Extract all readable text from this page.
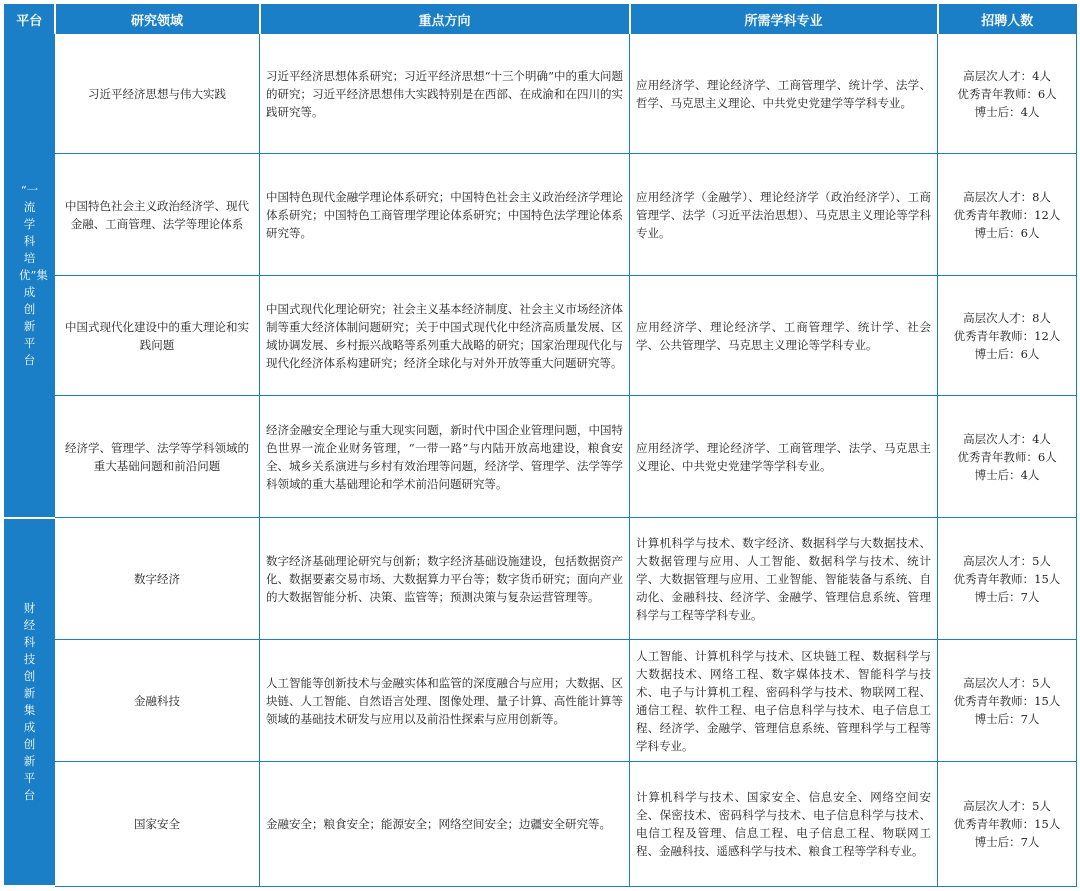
平台	研究领域	重点方向	所需学科专业	招聘人数
“一流学科培优”集成创新平台	习近平经济思想与伟大实践	习近平经济思想体系研究；习近平经济思想“十三个明确”中的重大问题的研究；习近平经济思想伟大实践特别是在西部、在成渝和在四川的实践研究等。	应用经济学、理论经济学、工商管理学、统计学、法学、哲学、马克思主义理论、中共党史党建学等学科专业。	高层次人才：4人
优秀青年教师：6人
博士后：4人

	中国特色社会主义政治经济学、现代金融、工商管理、法学等理论体系	中国特色现代金融学理论体系研究；中国特色社会主义政治经济学理论体系研究；中国特色工商管理学理论体系研究；中国特色法学理论体系研究等。	应用经济学（金融学）、理论经济学（政治经济学）、工商管理学、法学（习近平法治思想）、马克思主义理论等学科专业。	高层次人才：8人
优秀青年教师：12人
博士后：6人

	中国式现代化建设中的重大理论和实践问题	中国式现代化理论研究；社会主义基本经济制度、社会主义市场经济体制等重大经济体制问题研究；关于中国式现代化中经济高质量发展、区域协调发展、乡村振兴战略等系列重大战略的研究；国家治理现代化与现代化经济体系构建研究；经济全球化与对外开放等重大问题研究等。	应用经济学、理论经济学、工商管理学、统计学、社会学、公共管理学、马克思主义理论等学科专业。	高层次人才：8人
优秀青年教师：12人
博士后：6人

	经济学、管理学、法学等学科领域的重大基础问题和前沿问题	经济金融安全理论与重大现实问题，新时代中国企业管理问题，中国特色世界一流企业财务管理，“一带一路”与内陆开放高地建设，粮食安全、城乡关系演进与乡村有效治理等问题，经济学、管理学、法学等学科领域的重大基础理论和学术前沿问题研究等。	应用经济学、理论经济学、工商管理学、法学、马克思主义理论、中共党史党建学等学科专业。	高层次人才：4人
优秀青年教师：6人
博士后：4人

财经科技创新集成创新平台	数字经济	数字经济基础理论研究与创新；数字经济基础设施建设，包括数据资产化、数据要素交易市场、大数据算力平台等；数字货币研究；面向产业的大数据智能分析、决策、监管等；预测决策与复杂运营管理等。	计算机科学与技术、数字经济、数据科学与大数据技术、大数据管理与应用、人工智能、数据科学与技术、统计学、大数据管理与应用、工业智能、智能装备与系统、自动化、金融科技、经济学、金融学、管理信息系统、管理科学与工程等学科专业。	高层次人才：5人
优秀青年教师：15人
博士后：7人

	金融科技	人工智能等创新技术与金融实体和监管的深度融合与应用；大数据、区块链、人工智能、自然语言处理、图像处理、量子计算、高性能计算等领域的基础技术研发与应用以及前沿性探索与应用创新等。	人工智能、计算机科学与技术、区块链工程、数据科学与大数据技术、网络工程、数字媒体技术、智能科学与技术、电子与计算机工程、密码科学与技术、物联网工程、通信工程、软件工程、电子信息科学与技术、电子信息工程、经济学、金融学、管理信息系统、管理科学与工程等学科专业。	高层次人才：5人
优秀青年教师：15人
博士后：7人

	国家安全	金融安全；粮食安全；能源安全；网络空间安全；边疆安全研究等。	计算机科学与技术、国家安全、信息安全、网络空间安全、保密技术、密码科学与技术、电子信息科学与技术、电信工程及管理、信息工程、电子信息工程、物联网工程、金融科技、遥感科学与技术、粮食工程等学科专业。	高层次人才：5人
优秀青年教师：15人
博士后：7人
